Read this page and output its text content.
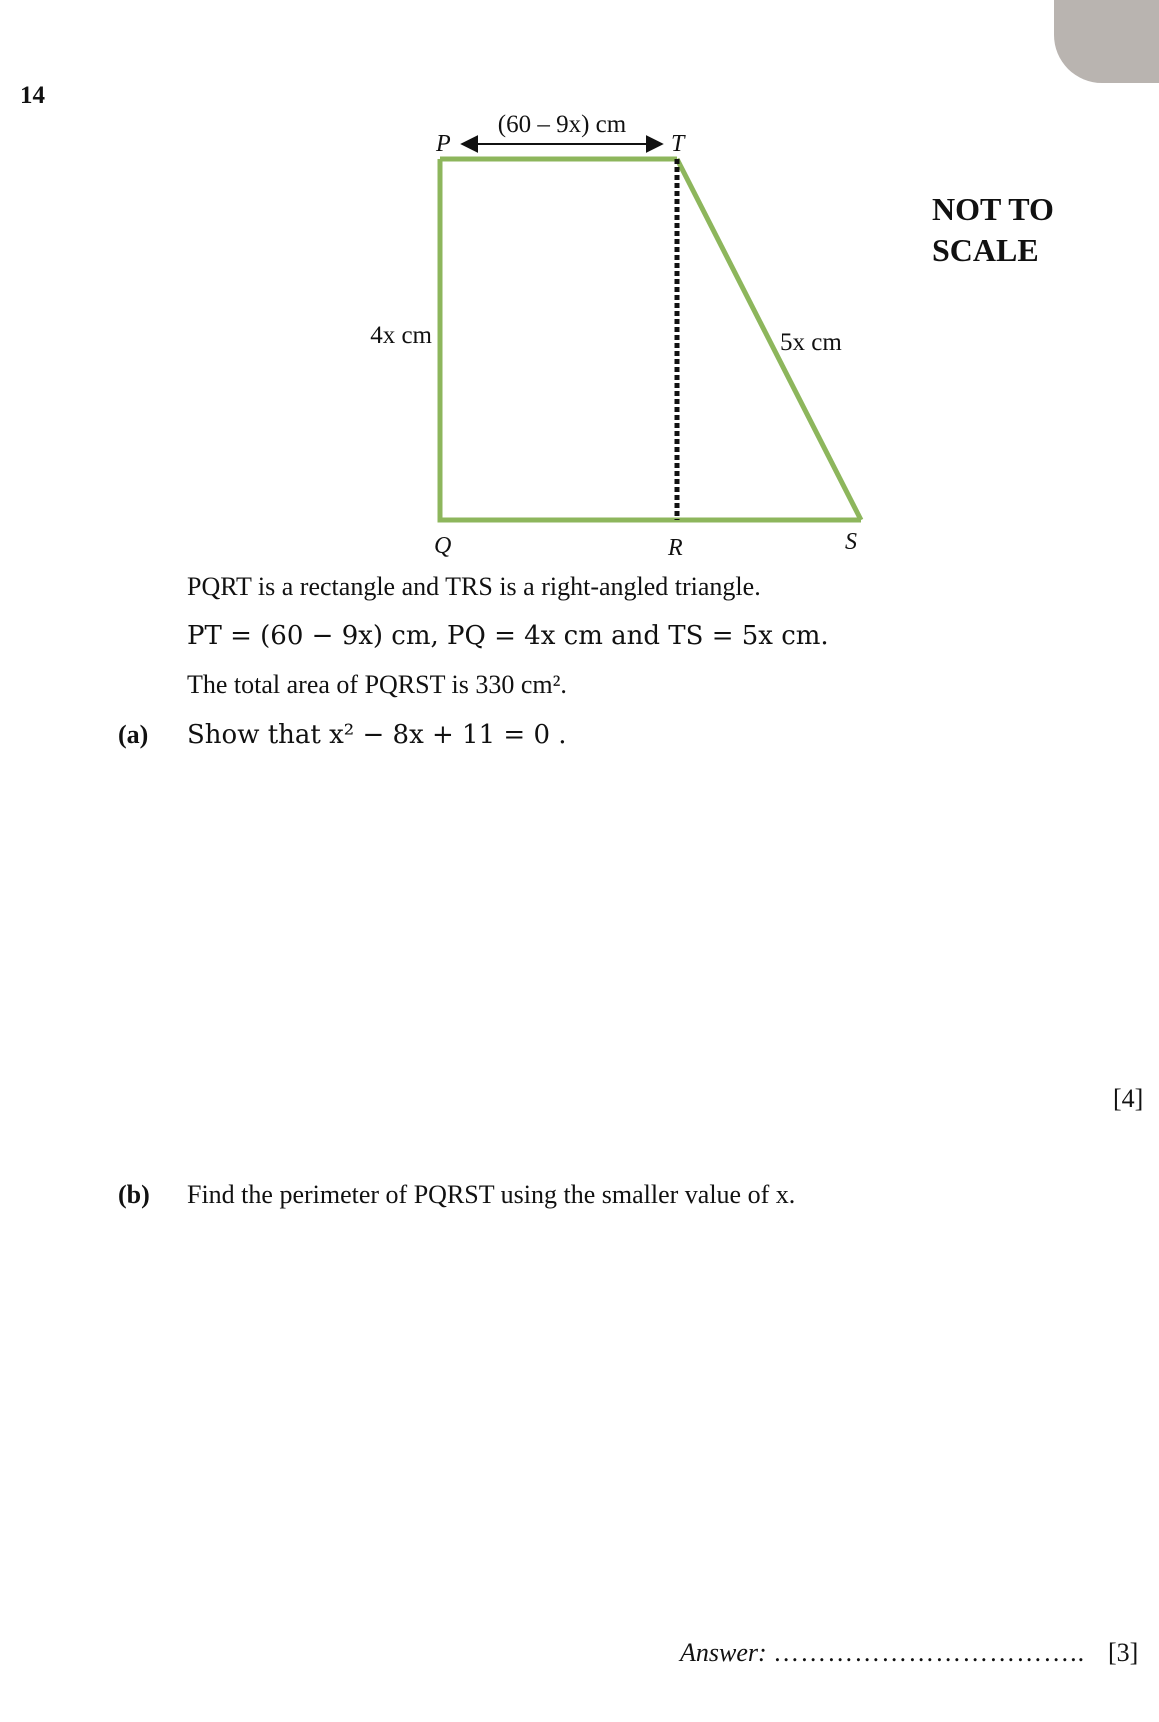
14
NOT TO
SCALE
(60 – 9x) cm
4x cm	5x cm
P	T
Q	R	S
PQRT is a rectangle and TRS is a right-angled triangle.
PT = (60 − 9x) cm, PQ = 4x cm and TS = 5x cm.
The total area of PQRST is 330 cm².
(a) Show that x² − 8x + 11 = 0 .
[4]
(b) Find the perimeter of PQRST using the smaller value of x.
Answer: …………………………….. [3]
